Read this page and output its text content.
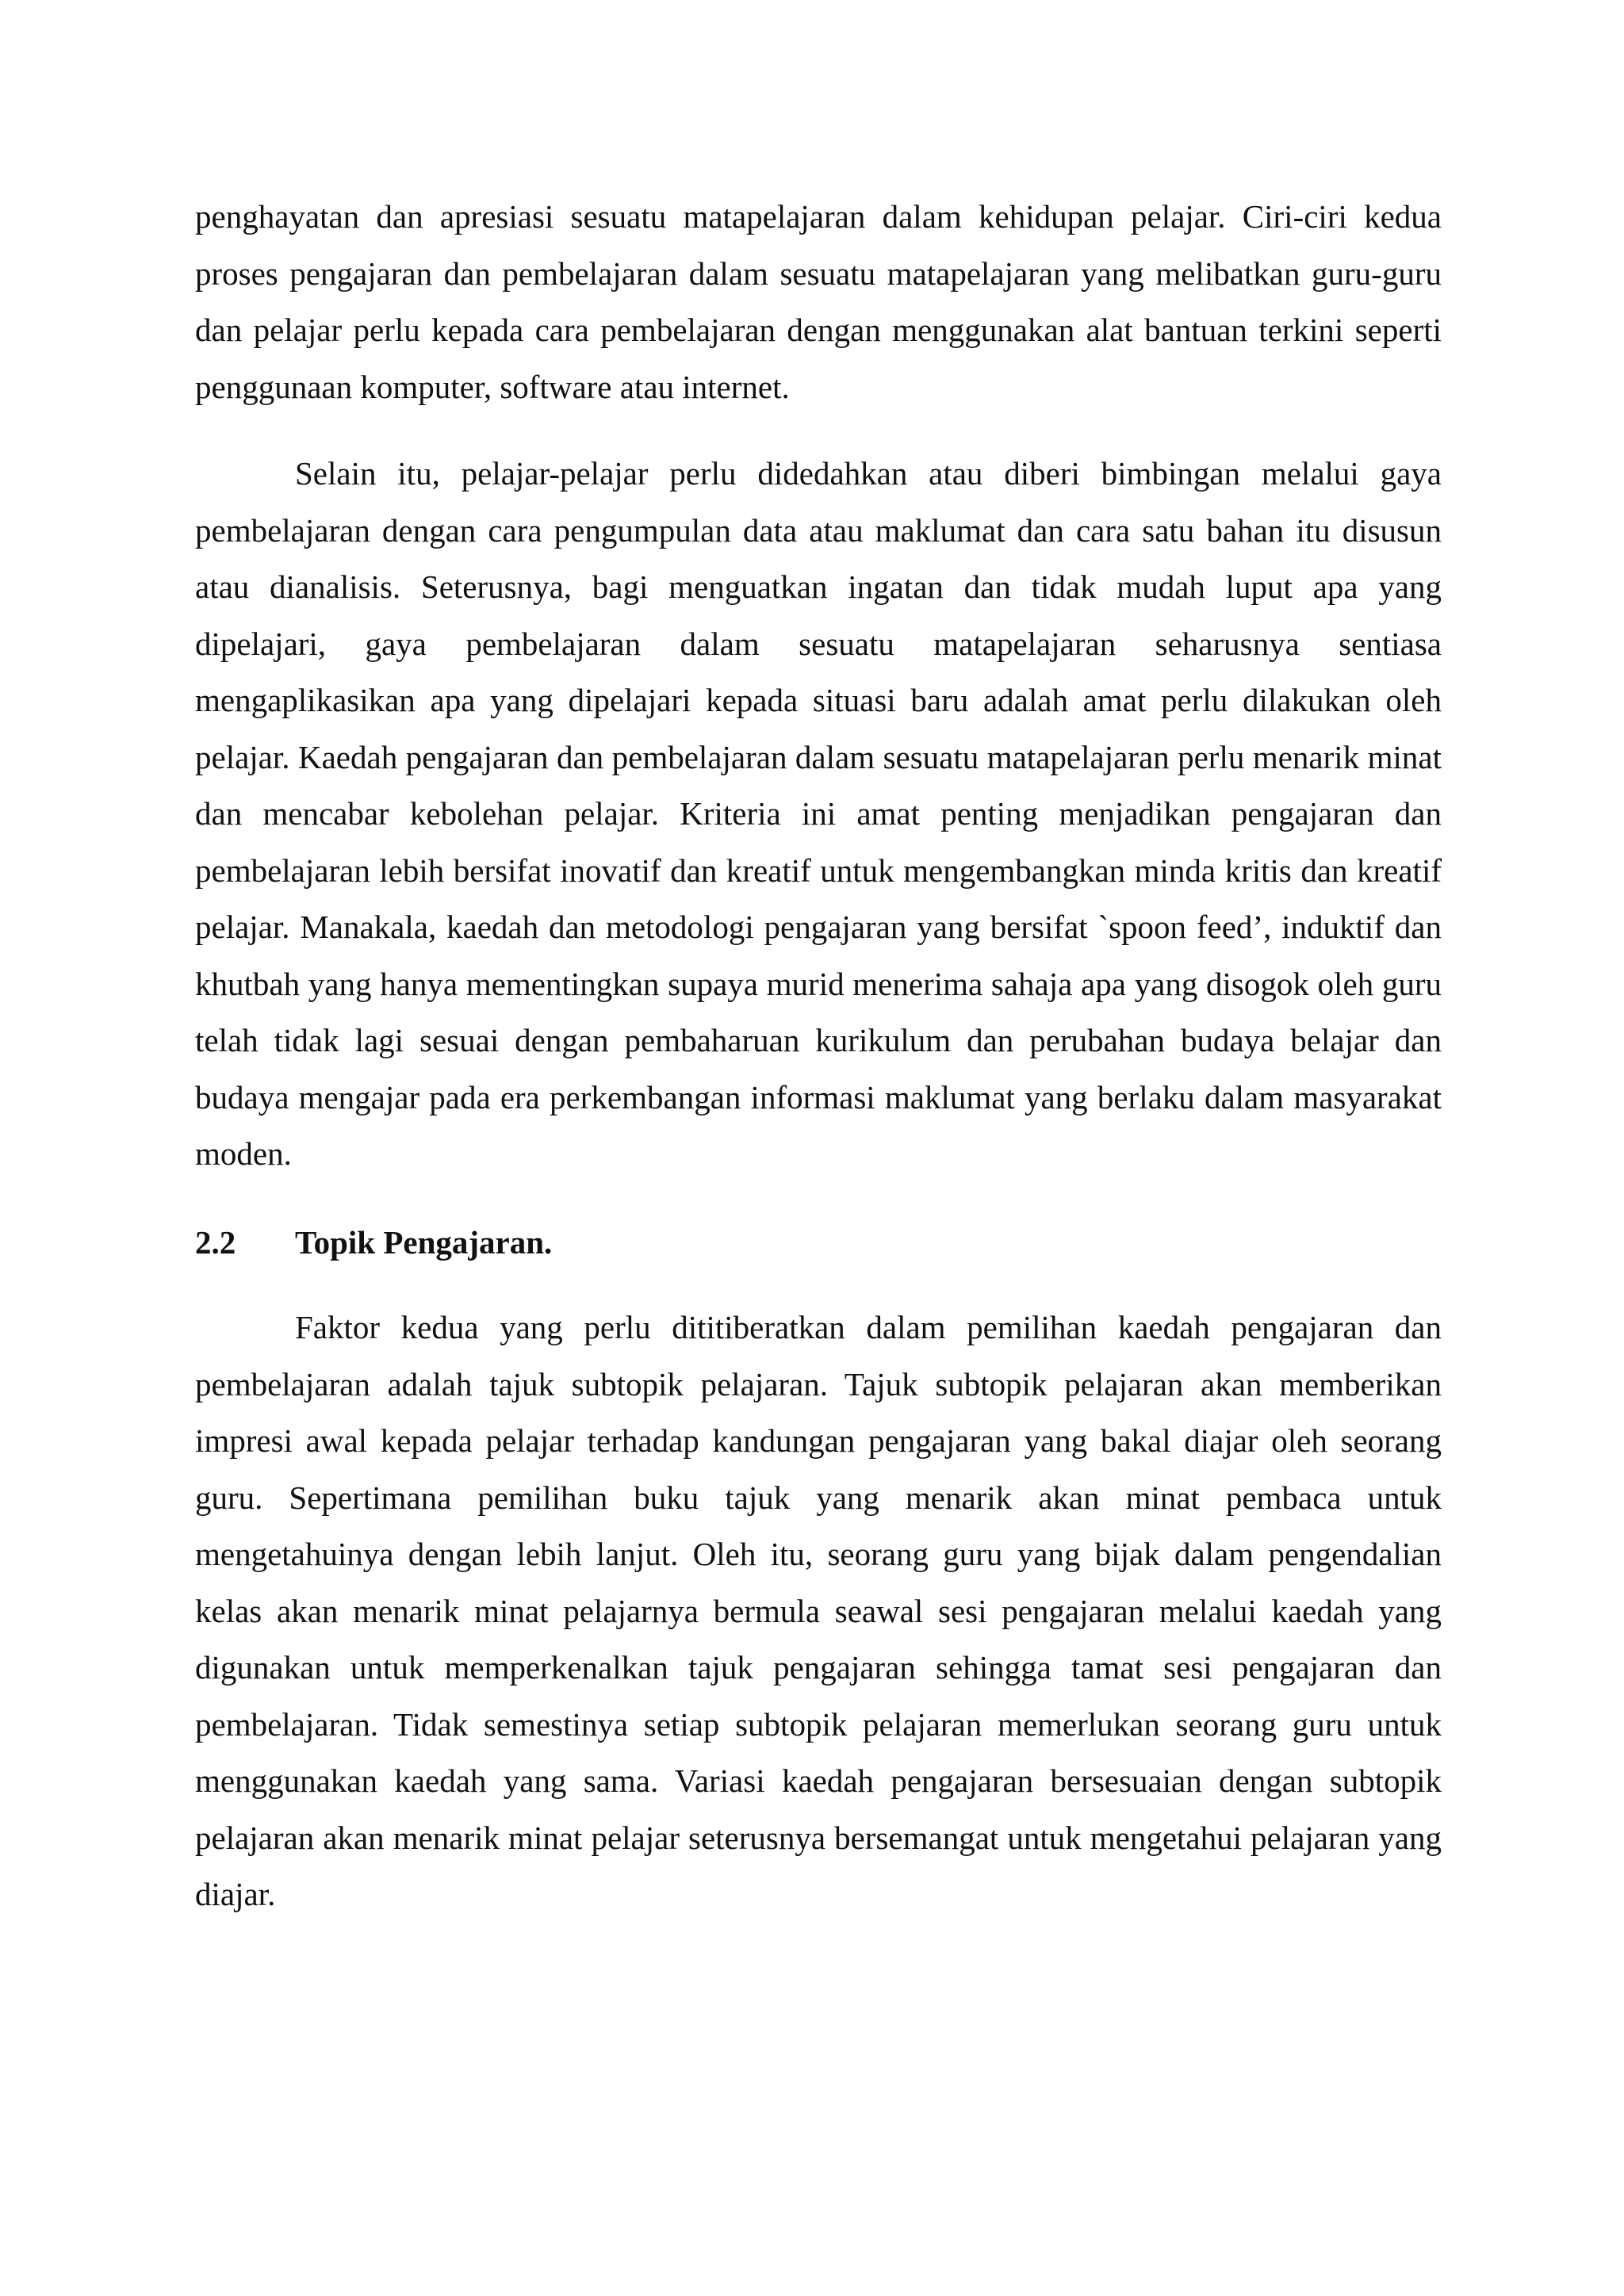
penghayatan dan apresiasi sesuatu matapelajaran dalam kehidupan pelajar. Ciri-ciri kedua proses pengajaran dan pembelajaran dalam sesuatu matapelajaran yang melibatkan guru-guru dan pelajar perlu kepada cara pembelajaran dengan menggunakan alat bantuan terkini seperti penggunaan komputer, software atau internet.

Selain itu, pelajar-pelajar perlu didedahkan atau diberi bimbingan melalui gaya pembelajaran dengan cara pengumpulan data atau maklumat dan cara satu bahan itu disusun atau dianalisis. Seterusnya, bagi menguatkan ingatan dan tidak mudah luput apa yang dipelajari, gaya pembelajaran dalam sesuatu matapelajaran seharusnya sentiasa mengaplikasikan apa yang dipelajari kepada situasi baru adalah amat perlu dilakukan oleh pelajar. Kaedah pengajaran dan pembelajaran dalam sesuatu matapelajaran perlu menarik minat dan mencabar kebolehan pelajar. Kriteria ini amat penting menjadikan pengajaran dan pembelajaran lebih bersifat inovatif dan kreatif untuk mengembangkan minda kritis dan kreatif pelajar. Manakala, kaedah dan metodologi pengajaran yang bersifat `spoon feed’, induktif dan khutbah yang hanya mementingkan supaya murid menerima sahaja apa yang disogok oleh guru telah tidak lagi sesuai dengan pembaharuan kurikulum dan perubahan budaya belajar dan budaya mengajar pada era perkembangan informasi maklumat yang berlaku dalam masyarakat moden.

2.2	Topik Pengajaran.

Faktor kedua yang perlu dititiberatkan dalam pemilihan kaedah pengajaran dan pembelajaran adalah tajuk subtopik pelajaran. Tajuk subtopik pelajaran akan memberikan impresi awal kepada pelajar terhadap kandungan pengajaran yang bakal diajar oleh seorang guru. Sepertimana pemilihan buku tajuk yang menarik akan minat pembaca untuk mengetahuinya dengan lebih lanjut. Oleh itu, seorang guru yang bijak dalam pengendalian kelas akan menarik minat pelajarnya bermula seawal sesi pengajaran melalui kaedah yang digunakan untuk memperkenalkan tajuk pengajaran sehingga tamat sesi pengajaran dan pembelajaran. Tidak semestinya setiap subtopik pelajaran memerlukan seorang guru untuk menggunakan kaedah yang sama. Variasi kaedah pengajaran bersesuaian dengan subtopik pelajaran akan menarik minat pelajar seterusnya bersemangat untuk mengetahui pelajaran yang diajar.
